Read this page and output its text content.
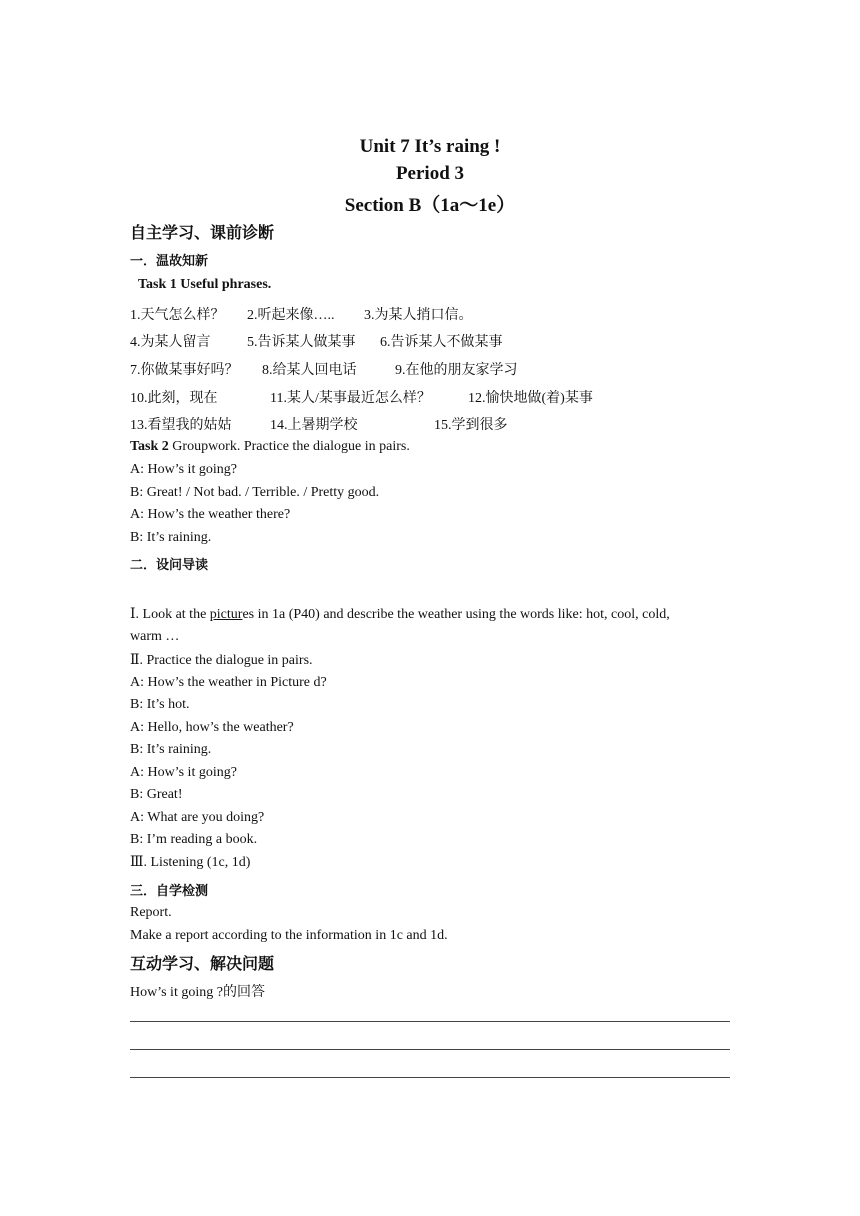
Unit 7 It’s raing !
Period 3
Section B（1a～1e）
自主学习、课前诊断
一．温故知新
Task 1 Useful phrases.
1.天气怎么样？ 2.听起来像….. 3.为某人捎口信。
4.为某人留言	5.告诉某人做某事 6.告诉某人不做某事
7.你做某事好吗？ 8.给某人回电话	9.在他的朋友家学习
10.此刻，现在	11.某人/某事最近怎么样？	12.愉快地做(着)某事
13.看望我的姑姑	14.上暑期学校	15.学到很多
Task 2 Groupwork. Practice the dialogue in pairs.
A: How’s it going?
B: Great! / Not bad. / Terrible. / Pretty good.
A: How’s the weather there?
B: It’s raining.
二．设问导读
Ⅰ. Look at the pictures in 1a (P40) and describe the weather using the words like: hot, cool, cold,
warm …
Ⅱ. Practice the dialogue in pairs.
A: How’s the weather in Picture d?
B: It’s hot.
A: Hello, how’s the weather?
B: It’s raining.
A: How’s it going?
B: Great!
A: What are you doing?
B: I’m reading a book.
Ⅲ. Listening (1c, 1d)
三．自学检测
Report.
Make a report according to the information in 1c and 1d.
互动学习、解决问题
How’s it going ?的回答
